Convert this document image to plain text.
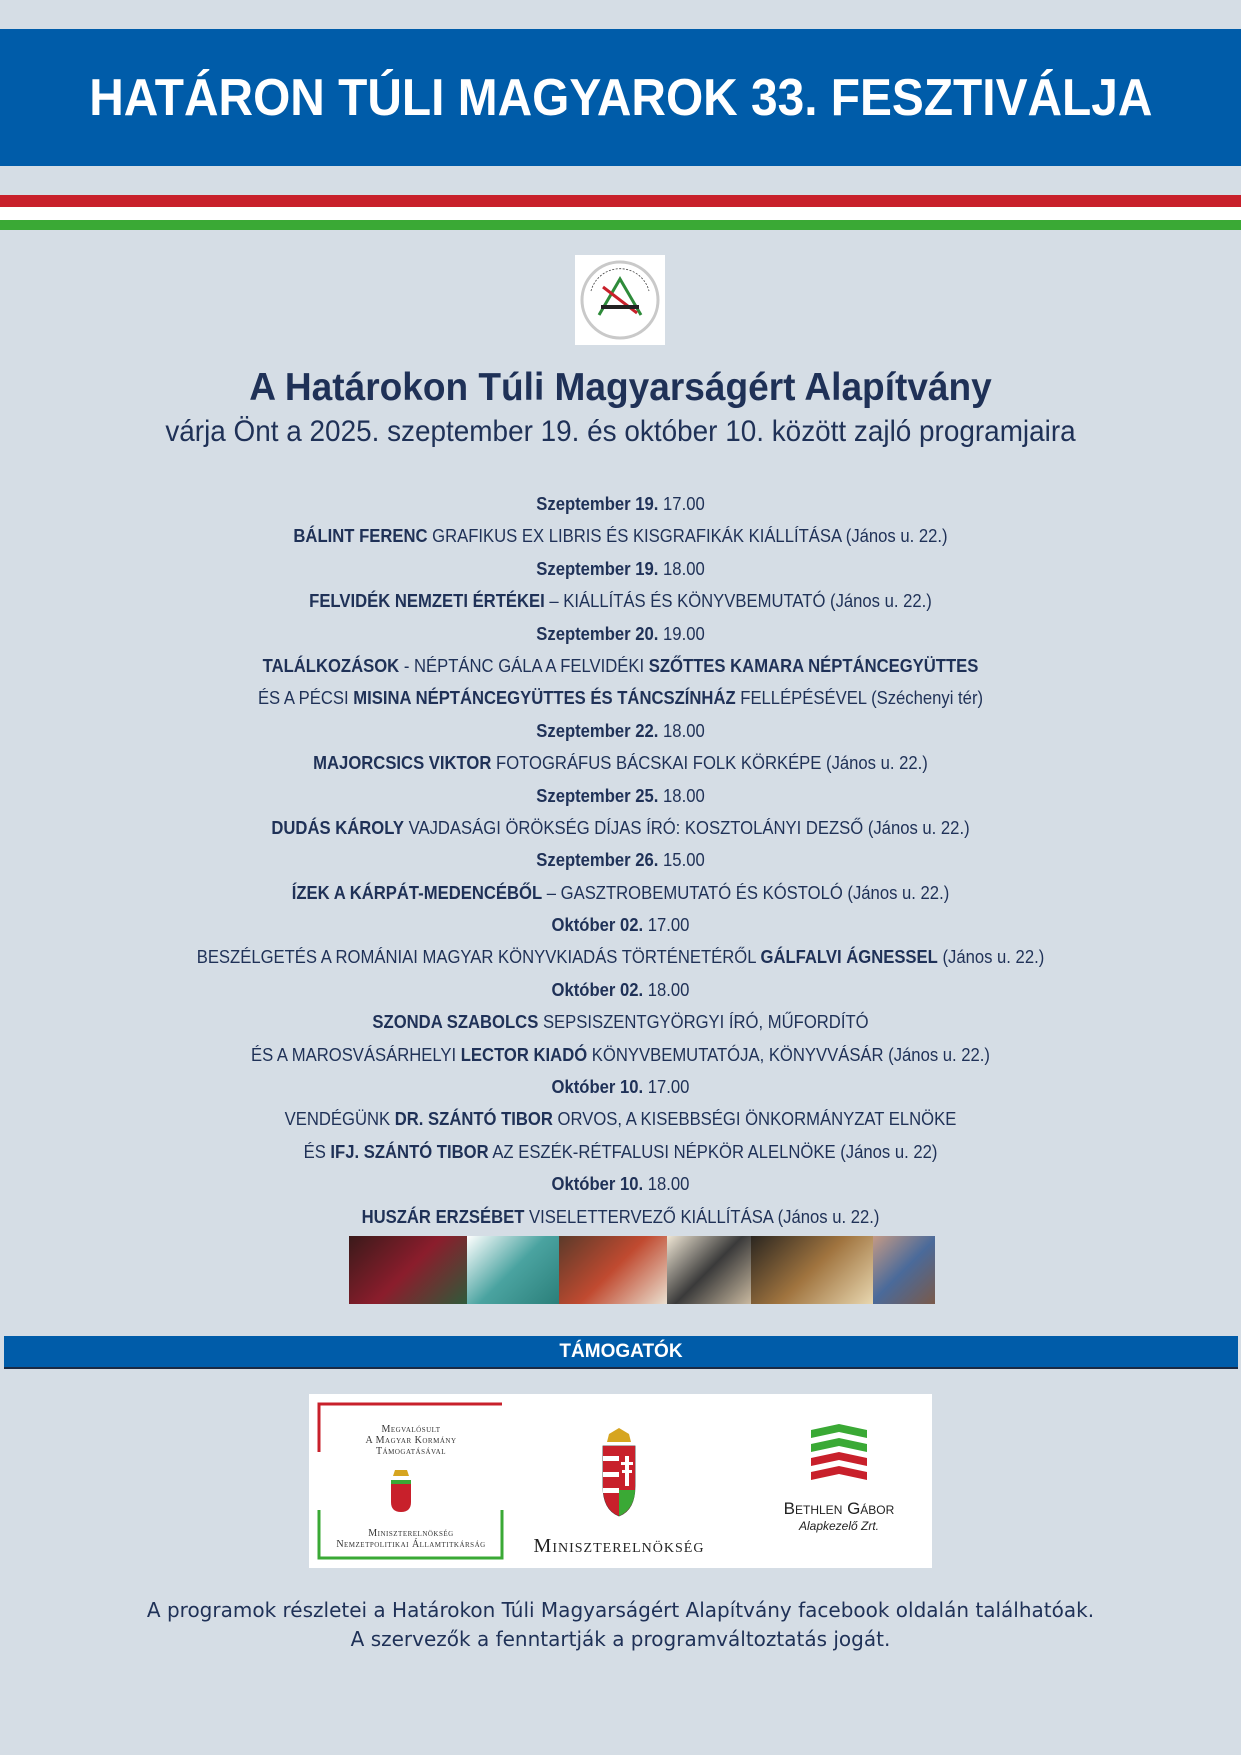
HATÁRON TÚLI MAGYAROK 33. FESZTIVÁLJA
A Határokon Túli Magyarságért Alapítvány
várja Önt a 2025. szeptember 19. és október 10. között zajló programjaira
Szeptember 19. 17.00
BÁLINT FERENC GRAFIKUS EX LIBRIS ÉS KISGRAFIKÁK KIÁLLÍTÁSA (János u. 22.)
Szeptember 19. 18.00
FELVIDÉK NEMZETI ÉRTÉKEI – KIÁLLÍTÁS ÉS KÖNYVBEMUTATÓ (János u. 22.)
Szeptember 20. 19.00
TALÁLKOZÁSOK - NÉPTÁNC GÁLA A FELVIDÉKI SZŐTTES KAMARA NÉPTÁNCEGYÜTTES
ÉS A PÉCSI MISINA NÉPTÁNCEGYÜTTES ÉS TÁNCSZÍNHÁZ FELLÉPÉSÉVEL (Széchenyi tér)
Szeptember 22. 18.00
MAJORCSICS VIKTOR FOTOGRÁFUS BÁCSKAI FOLK KÖRKÉPE (János u. 22.)
Szeptember 25. 18.00
DUDÁS KÁROLY VAJDASÁGI ÖRÖKSÉG DÍJAS ÍRÓ: KOSZTOLÁNYI DEZSŐ (János u. 22.)
Szeptember 26. 15.00
ÍZEK A KÁRPÁT-MEDENCÉBŐL – GASZTROBEMUTATÓ ÉS KÓSTOLÓ (János u. 22.)
Október 02. 17.00
BESZÉLGETÉS A ROMÁNIAI MAGYAR KÖNYVKIADÁS TÖRTÉNETÉRŐL GÁLFALVI ÁGNESSEL (János u. 22.)
Október 02. 18.00
SZONDA SZABOLCS SEPSISZENTGYÖRGYI ÍRÓ, MŰFORDÍTÓ
ÉS A MAROSVÁSÁRHELYI LECTOR KIADÓ KÖNYVBEMUTATÓJA, KÖNYVVÁSÁR (János u. 22.)
Október 10. 17.00
VENDÉGÜNK DR. SZÁNTÓ TIBOR ORVOS, A KISEBBSÉGI ÖNKORMÁNYZAT ELNÖKE
ÉS IFJ. SZÁNTÓ TIBOR AZ ESZÉK-RÉTFALUSI NÉPKÖR ALELNÖKE (János u. 22)
Október 10. 18.00
HUSZÁR ERZSÉBET VISELETTERVEZŐ KIÁLLÍTÁSA (János u. 22.)
TÁMOGATÓK
Megvalósult
A Magyar Kormány
Támogatásával
Miniszterelnökség
Nemzetpolitikai Államtitkárság	Miniszterelnökség
Bethlen Gábor
Alapkezelő Zrt.
A programok részletei a Határokon Túli Magyarságért Alapítvány facebook oldalán találhatóak.
A szervezők a fenntartják a programváltoztatás jogát.
